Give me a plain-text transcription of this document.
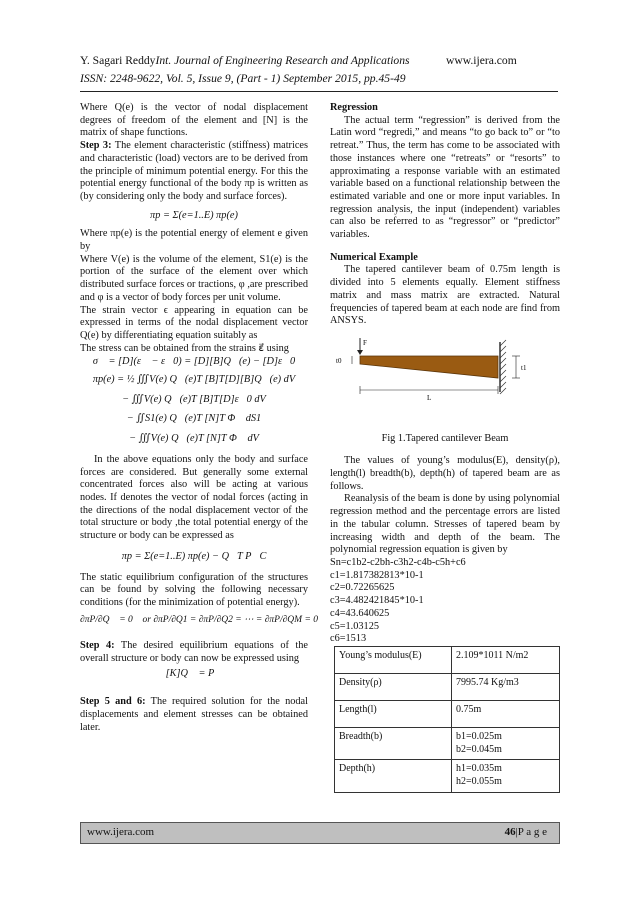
Y. Sagari ReddyInt. Journal of Engineering Research and Applications	www.ijera.com
ISSN: 2248-9622, Vol. 5, Issue 9, (Part - 1) September 2015, pp.45-49

Where Q(e) is the vector of nodal displacement degrees of freedom of the element and [N] is the matrix of shape functions.

Step 3: The element characteristic (stiffness) matrices and characteristic (load) vectors are to be derived from the principle of minimum potential energy. For this the potential energy functional of the body πp is written as (by considering only the body and surface forces).

πp = Σ(e=1..E) πp(e)

Where πp(e) is the potential energy of element e given by

Where V(e) is the volume of the element, S1(e) is the portion of the surface of the element over which distributed surface forces or tractions, φ ,are prescribed and φ is a vector of body forces per unit volume.

The strain vector ϵ appearing in equation can be expressed in terms of the nodal displacement vector Q(e) by differentiating equation suitably as

The stress can be obtained from the strains ε⃗ using

σ⃗ = [D](ε⃗ − ε⃗0) = [D][B]Q⃗(e) − [D]ε⃗0

πp(e) = ½ ∭V(e) Q⃗(e)T [B]T[D][B]Q⃗(e) dV

− ∭V(e) Q⃗(e)T [B]T[D]ε⃗0 dV

− ∬S1(e) Q⃗(e)T [N]T Φ⃗ dS1

− ∭V(e) Q⃗(e)T [N]T Φ⃗ dV

In the above equations only the body and surface forces are considered. But generally some external concentrated forces also will be acting at various nodes. If denotes the vector of nodal forces (acting in the directions of the nodal displacement vector of the total structure or body ,the total potential energy of the structure or body can be expressed as

πp = Σ(e=1..E) πp(e) − Q⃗T P⃗C

The static equilibrium configuration of the structures can be found by solving the following necessary conditions (for the minimization of potential energy).

∂πP/∂Q⃗ = 0⃗ or ∂πP/∂Q1 = ∂πP/∂Q2 = ⋯ = ∂πP/∂QM = 0

Step 4: The desired equilibrium equations of the overall structure or body can now be expressed using

[K]Q⃗ = P⃗

Step 5 and 6: The required solution for the nodal displacements and element stresses can be obtained later.

Regression

The actual term “regression” is derived from the Latin word “regredi,” and means “to go back to” or “to retreat.” Thus, the term has come to be associated with those instances where one “retreats” or “resorts” to approximating a response variable with an estimated variable based on a functional relationship between the estimated variable and one or more input variables. In regression analysis, the input (independent) variables can also be referred to as “regressor” or “predictor” variables.

Numerical Example

The tapered cantilever beam of 0.75m length is divided into 5 elements equally. Element stiffness matrix and mass matrix are extracted. Natural frequencies of tapered beam at each node are find from ANSYS.

F
t0
t1
L

Fig 1.Tapered cantilever Beam

The values of young’s modulus(E), density(ρ), length(l) breadth(b), depth(h) of tapered beam are as follows.

Reanalysis of the beam is done by using polynomial regression method and the percentage errors are listed in the tabular column. Stresses of tapered beam by increasing width and depth of the beam. The polynomial regression equation is given by

Sn=c1b2-c2bh-c3h2-c4b-c5h+c6

c1=1.817382813*10-1

c2=0.72265625

c3=4.482421845*10-1

c4=43.640625

c5=1.03125

c6=1513

Young’s modulus(E)	2.109*1011 N/m2
Density(ρ)	7995.74 Kg/m3
Length(l)	0.75m
Breadth(b)	b1=0.025m
b2=0.045m

Depth(h)	h1=0.035m
h2=0.055m
www.ijera.com	46|P a g e
